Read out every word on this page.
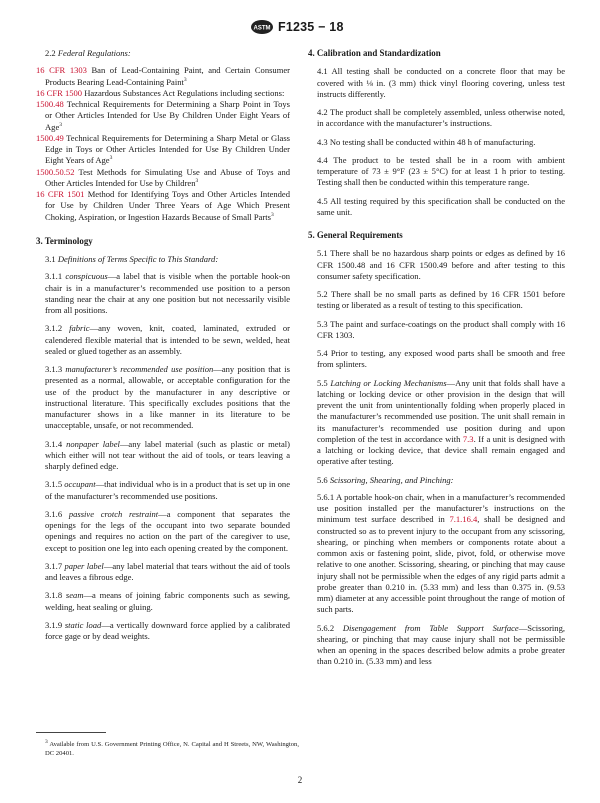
ASTM F1235 − 18
2.2 Federal Regulations:

16 CFR 1303 Ban of Lead-Containing Paint, and Certain Consumer Products Bearing Lead-Containing Paint$^3$

16 CFR 1500 Hazardous Substances Act Regulations including sections:

1500.48 Technical Requirements for Determining a Sharp Point in Toys or Other Articles Intended for Use By Children Under Eight Years of Age$^3$

1500.49 Technical Requirements for Determining a Sharp Metal or Glass Edge in Toys or Other Articles Intended for Use By Children Under Eight Years of Age$^3$

1500.50.52 Test Methods for Simulating Use and Abuse of Toys and Other Articles Intended for Use by Children$^3$

16 CFR 1501 Method for Identifying Toys and Other Articles Intended for Use by Children Under Three Years of Age Which Present Choking, Aspiration, or Ingestion Hazards Because of Small Parts$^3$

3. Terminology
3.1 Definitions of Terms Specific to This Standard:

3.1.1 conspicuous—a label that is visible when the portable hook-on chair is in a manufacturer’s recommended use position to a person standing near the chair at any one position but not necessarily visible from all positions.

3.1.2 fabric—any woven, knit, coated, laminated, extruded or calendered flexible material that is intended to be sewn, welded, heat sealed or glued together as an assembly.

3.1.3 manufacturer’s recommended use position—any position that is presented as a normal, allowable, or acceptable configuration for the use of the product by the manufacturer in any descriptive or instructional literature. This specifically excludes positions that the manufacturer shows in a like manner in its literature to be unacceptable, unsafe, or not recommended.

3.1.4 nonpaper label—any label material (such as plastic or metal) which either will not tear without the aid of tools, or tears leaving a sharply defined edge.

3.1.5 occupant—that individual who is in a product that is set up in one of the manufacturer’s recommended use positions.

3.1.6 passive crotch restraint—a component that separates the openings for the legs of the occupant into two separate bounded openings and requires no action on the part of the caregiver to use, except to position one leg into each opening created by the component.

3.1.7 paper label—any label material that tears without the aid of tools and leaves a fibrous edge.

3.1.8 seam—a means of joining fabric components such as sewing, welding, heat sealing or gluing.

3.1.9 static load—a vertically downward force applied by a calibrated force gage or by dead weights.

$^3$ Available from U.S. Government Printing Office, N. Capital and H Streets, NW, Washington, DC 20401.
4. Calibration and Standardization

4.1 All testing shall be conducted on a concrete floor that may be covered with ⅛ in. (3 mm) thick vinyl flooring covering, unless test instructs differently.

4.2 The product shall be completely assembled, unless otherwise noted, in accordance with the manufacturer’s instructions.

4.3 No testing shall be conducted within 48 h of manufacturing.

4.4 The product to be tested shall be in a room with ambient temperature of 73 ± 9°F (23 ± 5°C) for at least 1 h prior to testing. Testing shall then be conducted within this temperature range.

4.5 All testing required by this specification shall be conducted on the same unit.

5. General Requirements

5.1 There shall be no hazardous sharp points or edges as defined by 16 CFR 1500.48 and 16 CFR 1500.49 before and after testing to this consumer safety specification.

5.2 There shall be no small parts as defined by 16 CFR 1501 before testing or liberated as a result of testing to this specification.

5.3 The paint and surface-coatings on the product shall comply with 16 CFR 1303.

5.4 Prior to testing, any exposed wood parts shall be smooth and free from splinters.

5.5 Latching or Locking Mechanisms—Any unit that folds shall have a latching or locking device or other provision in the design that will prevent the unit from unintentionally folding when properly placed in the manufacturer’s recommended use position. The unit shall remain in its manufacturer’s recommended use position during and upon completion of the test in accordance with 7.3. If a unit is designed with a latching or locking device, that device shall remain engaged and operative after testing.

5.6 Scissoring, Shearing, and Pinching:

5.6.1 A portable hook-on chair, when in a manufacturer’s recommended use position installed per the manufacturer’s instructions on the minimum test surface described in 7.1.16.4, shall be designed and constructed so as to prevent injury to the occupant from any scissoring, shearing, or pinching when members or components rotate about a common axis or fastening point, slide, pivot, fold, or otherwise move relative to one another. Scissoring, shearing, or pinching that may cause injury shall not be permissible when the edges of any rigid parts admit a probe greater than 0.210 in. (5.33 mm) and less than 0.375 in. (9.53 mm) diameter at any accessible point throughout the range of motion of such parts.

5.6.2 Disengagement from Table Support Surface—Scissoring, shearing, or pinching that may cause injury shall not be permissible when an opening in the spaces described below admits a probe greater than 0.210 in. (5.33 mm) and less

2
